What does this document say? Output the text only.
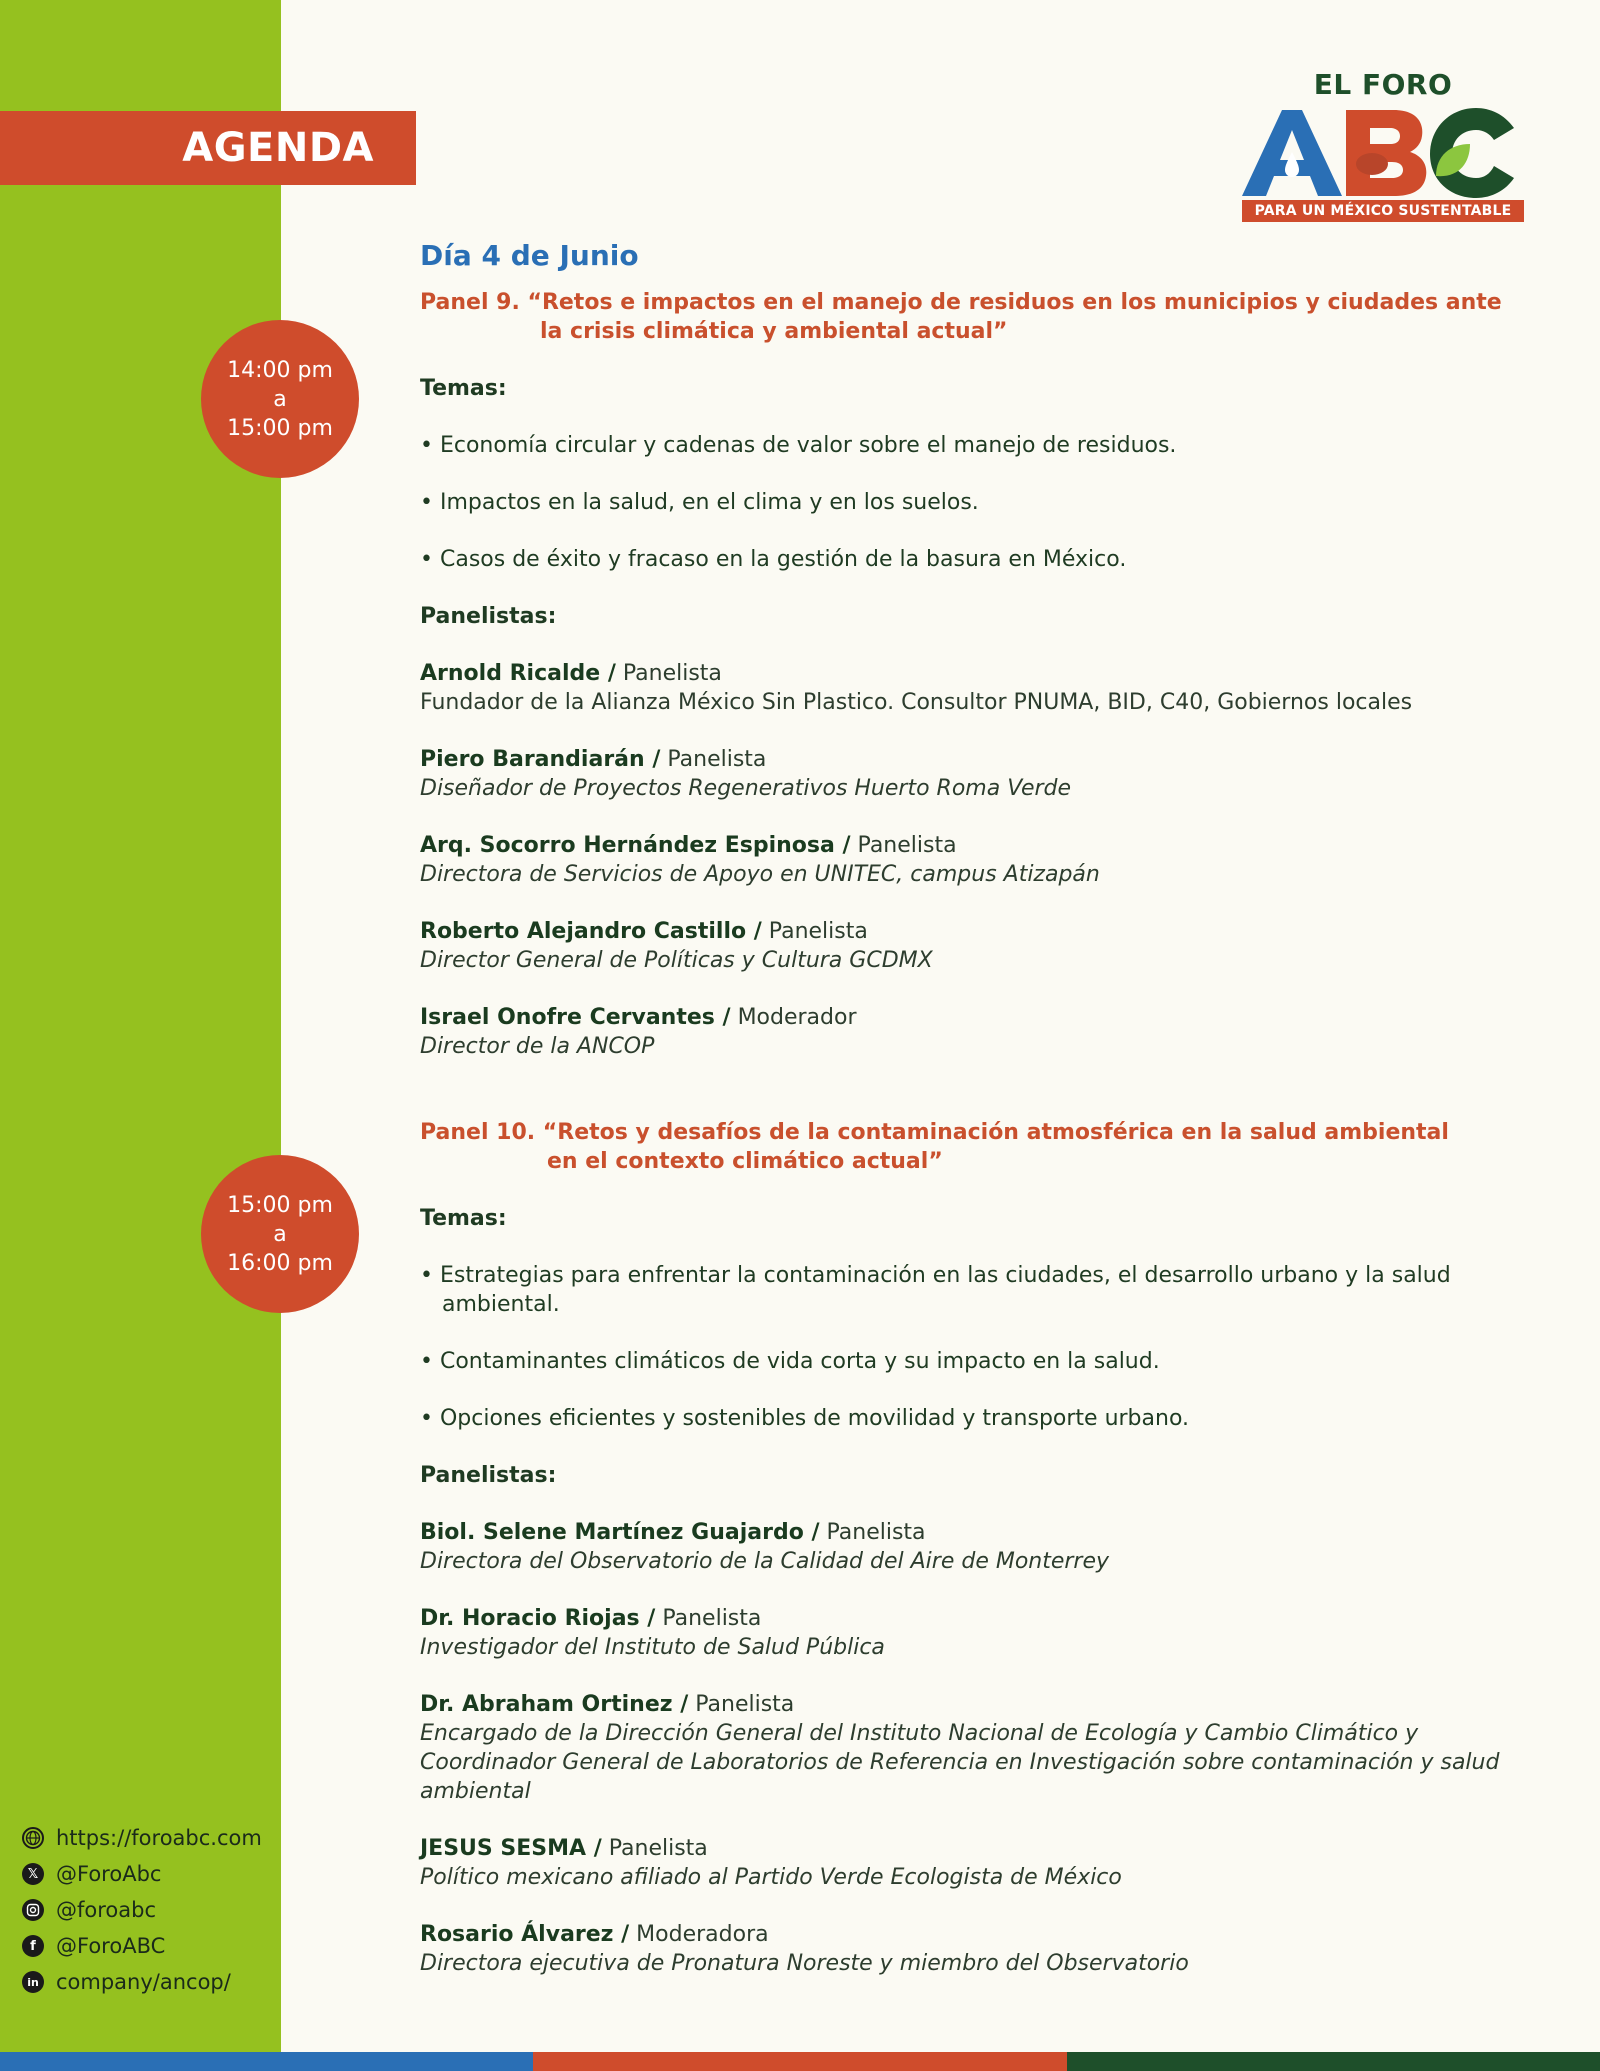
AGENDA
EL FORO
PARA UN MÉXICO SUSTENTABLE
14:00 pm
a
15:00 pm
15:00 pm
a
16:00 pm
Día 4 de Junio

Panel 9. “Retos e impactos en el manejo de residuos en los municipios y ciudades ante
la crisis climática y ambiental actual”

Temas:

• Economía circular y cadenas de valor sobre el manejo de residuos.

• Impactos en la salud, en el clima y en los suelos.

• Casos de éxito y fracaso en la gestión de la basura en México.

Panelistas:

Arnold Ricalde / Panelista
Fundador de la Alianza México Sin Plastico. Consultor PNUMA, BID, C40, Gobiernos locales

Piero Barandiarán / Panelista
Diseñador de Proyectos Regenerativos Huerto Roma Verde

Arq. Socorro Hernández Espinosa / Panelista
Directora de Servicios de Apoyo en UNITEC, campus Atizapán

Roberto Alejandro Castillo / Panelista
Director General de Políticas y Cultura GCDMX

Israel Onofre Cervantes / Moderador
Director de la ANCOP

Panel 10. “Retos y desafíos de la contaminación atmosférica en la salud ambiental
en el contexto climático actual”

Temas:

• Estrategias para enfrentar la contaminación en las ciudades, el desarrollo urbano y la salud ambiental.

• Contaminantes climáticos de vida corta y su impacto en la salud.

• Opciones eficientes y sostenibles de movilidad y transporte urbano.

Panelistas:

Biol. Selene Martínez Guajardo / Panelista
Directora del Observatorio de la Calidad del Aire de Monterrey

Dr. Horacio Riojas / Panelista
Investigador del Instituto de Salud Pública

Dr. Abraham Ortinez / Panelista
Encargado de la Dirección General del Instituto Nacional de Ecología y Cambio Climático y Coordinador General de Laboratorios de Referencia en Investigación sobre contaminación y salud ambiental

JESUS SESMA / Panelista
Político mexicano afiliado al Partido Verde Ecologista de México

Rosario Álvarez / Moderadora
Directora ejecutiva de Pronatura Noreste y miembro del Observatorio

https://foroabc.com
𝕏 @ForoAbc
@foroabc
f @ForoABC
in company/ancop/
